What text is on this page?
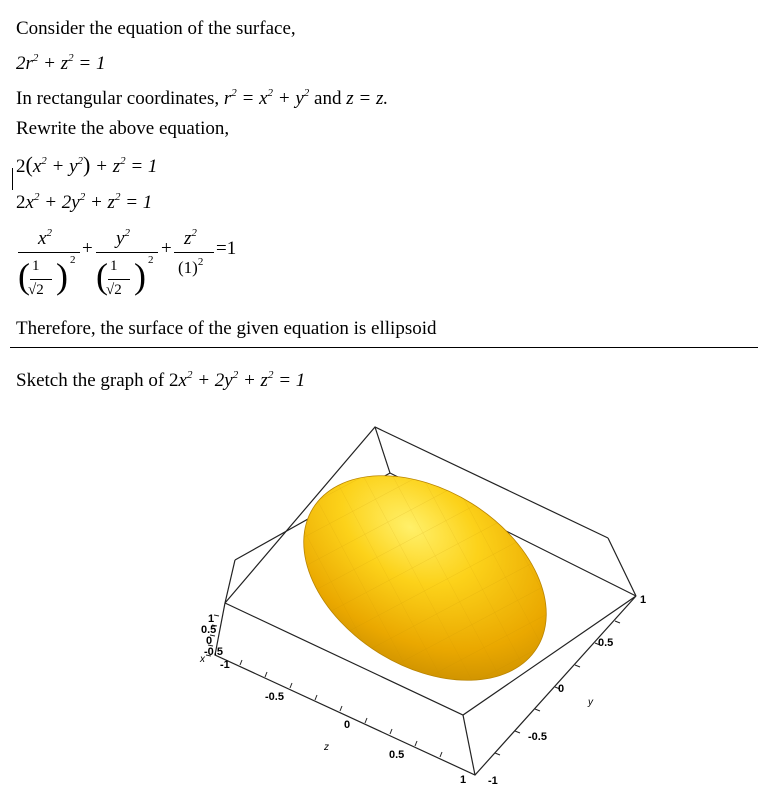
Consider the equation of the surface,
$2r^2 + z^2 = 1$
In rectangular coordinates, $r^2 = x^2 + y^2$ and z = z.
Rewrite the above equation,
$2(x^2 + y^2) + z^2 = 1$
$2x^2 + 2y^2 + z^2 = 1$
$x^2$
( 1
√2 ) 2
+ $y^2$
( 1
√2 ) 2
+ $z^2$
$(1)^2$
=1
Therefore, the surface of the given equation is ellipsoid
Sketch the graph of $2x^2 + 2y^2 + z^2 = 1$
1
0.5
0
-0.5
-1
x
-0.5
0
0.5
1
z
1
0.5
0
-0.5
-1
y
